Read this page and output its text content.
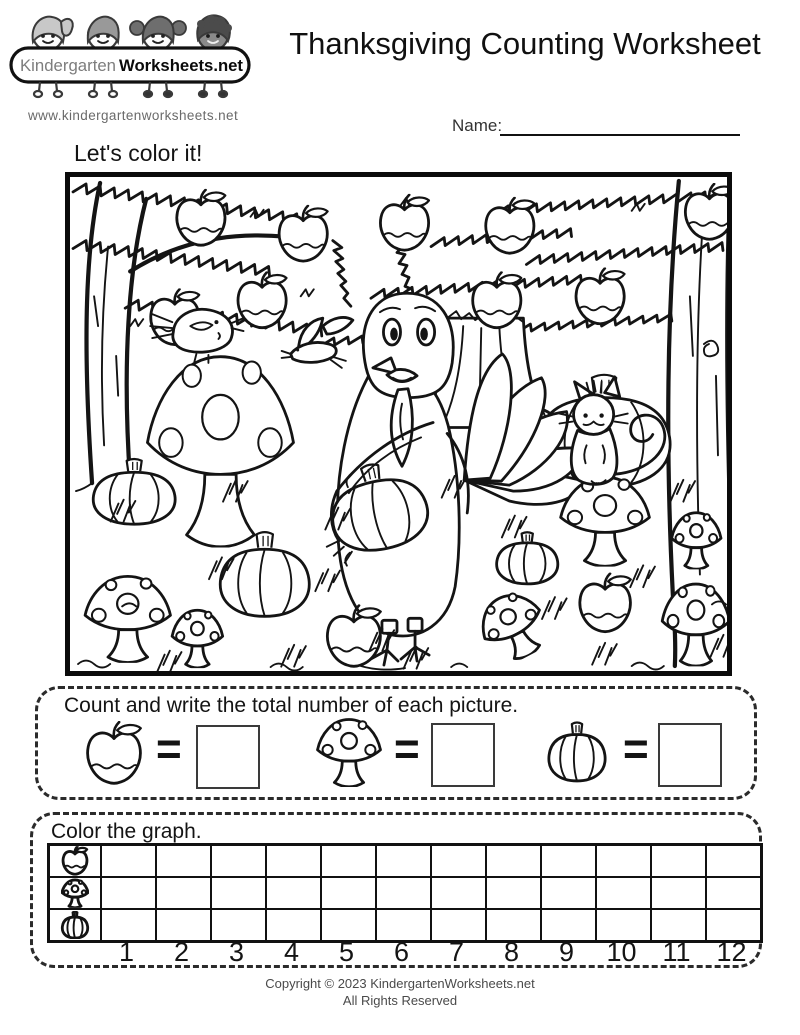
Kindergarten Worksheets.net
www.kindergartenworksheets.net
Thanksgiving Counting Worksheet
Name:
Let's color it!
Count and write the total number of each picture.
=	=	=
Color the graph.
1	2	3	4	5	6	7	8	9	10 11 12
Copyright © 2023 KindergartenWorksheets.net
All Rights Reserved
